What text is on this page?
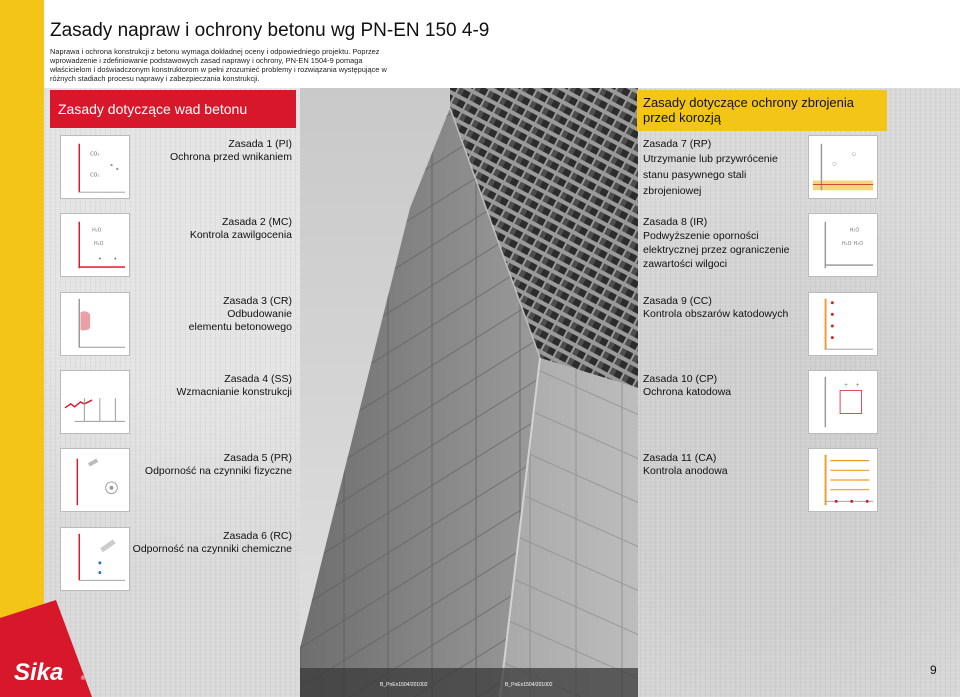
Zasady napraw i ochrony betonu wg PN-EN 150 4-9
Naprawa i ochrona konstrukcji z betonu wymaga dokładnej oceny i odpowiedniego projektu. Poprzez wprowadzenie i zdefiniowanie podstawowych zasad naprawy i ochrony, PN-EN 1504-9 pomaga właścicielom i doświadczonym konstruktorom w pełni zrozumieć problemy i rozwiązania występujące w różnych stadiach procesu naprawy i zabezpieczania konstrukcji.
Zasady dotyczące wad betonu	Zasady dotyczące ochrony zbrojenia przed korozją

Zasada 1 (PI)

Ochrona przed wnikaniem

Zasada 2 (MC)

Kontrola zawilgocenia

Zasada 3 (CR)

Odbudowanie elementu betonowego

Zasada 4 (SS)

Wzmacnianie konstrukcji

Zasada 5 (PR)

Odporność na czynniki fizyczne

Zasada 6 (RC)

Odporność na czynniki chemiczne

CO₂
CO₂
H₂O
H₂O

Zasada 7 (RP)

Utrzymanie lub przywrócenie stanu pasywnego stali zbrojeniowej

Zasada 8 (IR)

Podwyższenie oporności elektrycznej przez ograniczenie zawartości wilgoci

Zasada 9 (CC)

Kontrola obszarów katodowych

Zasada 10 (CP)

Ochrona katodowa

Zasada 11 (CA)

Kontrola anodowa

○
○
H₂O
H₂O H₂O
+ +
Sika	®
B_PnEn1504/201002	B_PnEn1504/201002
9
